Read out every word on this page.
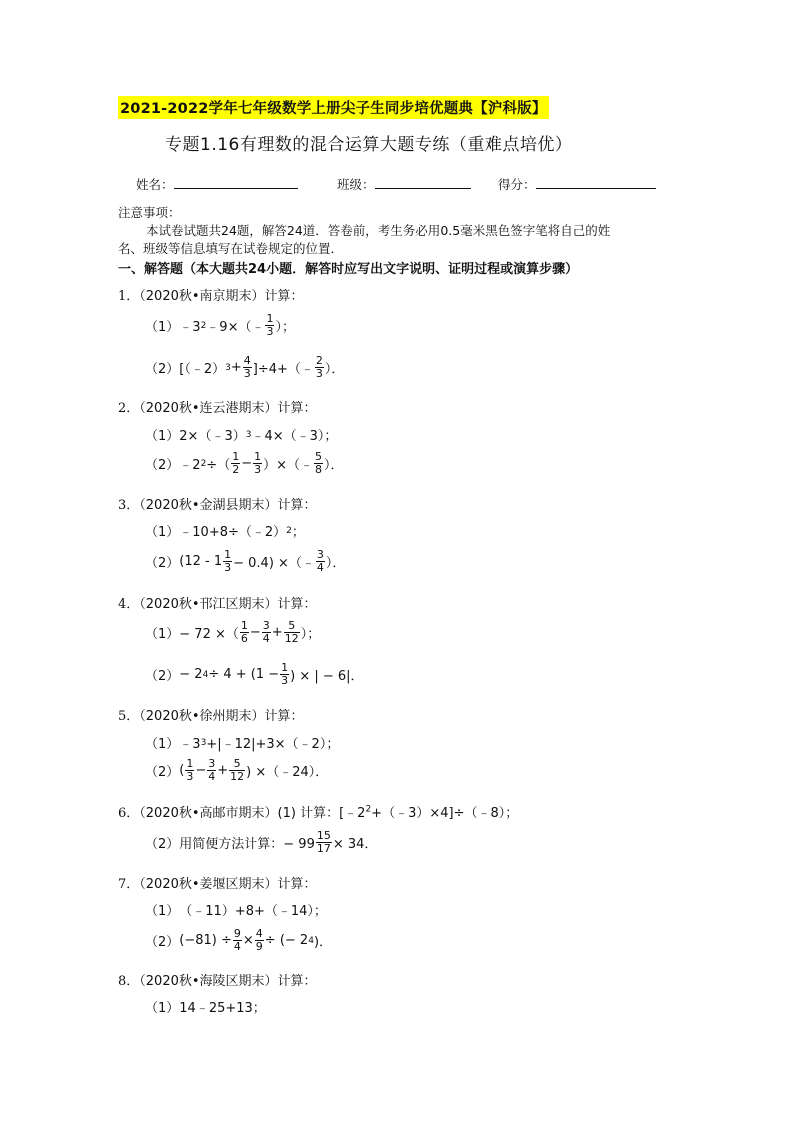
2021-2022学年七年级数学上册尖子生同步培优题典【沪科版】
专题1.16有理数的混合运算大题专练（重难点培优）
姓名：	班级：	得分：
注意事项：
本试卷试题共24题，解答24道．答卷前，考生务必用0.5毫米黑色签字笔将自己的姓
名、班级等信息填写在试卷规定的位置．
一、解答题（本大题共24小题．解答时应写出文字说明、证明过程或演算步骤）
1．（2020秋•南京期末）计算：
（1） ﹣3 2 ﹣9×（﹣ $\frac{1}{3}$ ）；
（2） [（﹣2） $3 + \frac{4}{3}$ ]÷4+（﹣ $\frac{2}{3}$ ）．
2．（2020秋•连云港期末）计算：
（1） 2×（﹣3） 3 ﹣4×（﹣3）；
（2） ﹣2 2 ÷（ $\frac{1}{2} - \frac{1}{3}$ ）×（﹣ $\frac{5}{8}$ ）．
3．（2020秋•金湖县期末）计算：
（1） ﹣10+8÷（﹣2） 2 ；
（2） $(12 - 1 \frac{1}{3} - 0.4)$ ×（﹣ $\frac{3}{4}$ ）．
4．（2020秋•邗江区期末）计算：
（1） − 72 ×（ $\frac{1}{6} - \frac{3}{4} + \frac{5}{12}$ ）；
（2） − 2 $4 \div 4 + (1 - \frac{1}{3}$ ) × | − 6|．
5．（2020秋•徐州期末）计算：
（1） ﹣3 3 +|﹣12|+3×（﹣2）；
（2） ( $\frac{1}{3} - \frac{3}{4} + \frac{5}{12}$ ) ×（﹣24）．
6．（2020秋•高邮市期末）(1) 计算：$[﹣2^2+(﹣3)\times 4]\div(﹣8)$；
（2） 用简便方法计算：− $99 \frac{15}{17} \times 34$．
7．（2020秋•姜堰区期末）计算：
（1） （﹣11）+8+（﹣14）；
（2） $(-81) \div \frac{9}{4} \times \frac{4}{9}$ ÷ (− 2 4 )．
8．（2020秋•海陵区期末）计算：
（1） 14﹣25+13；
